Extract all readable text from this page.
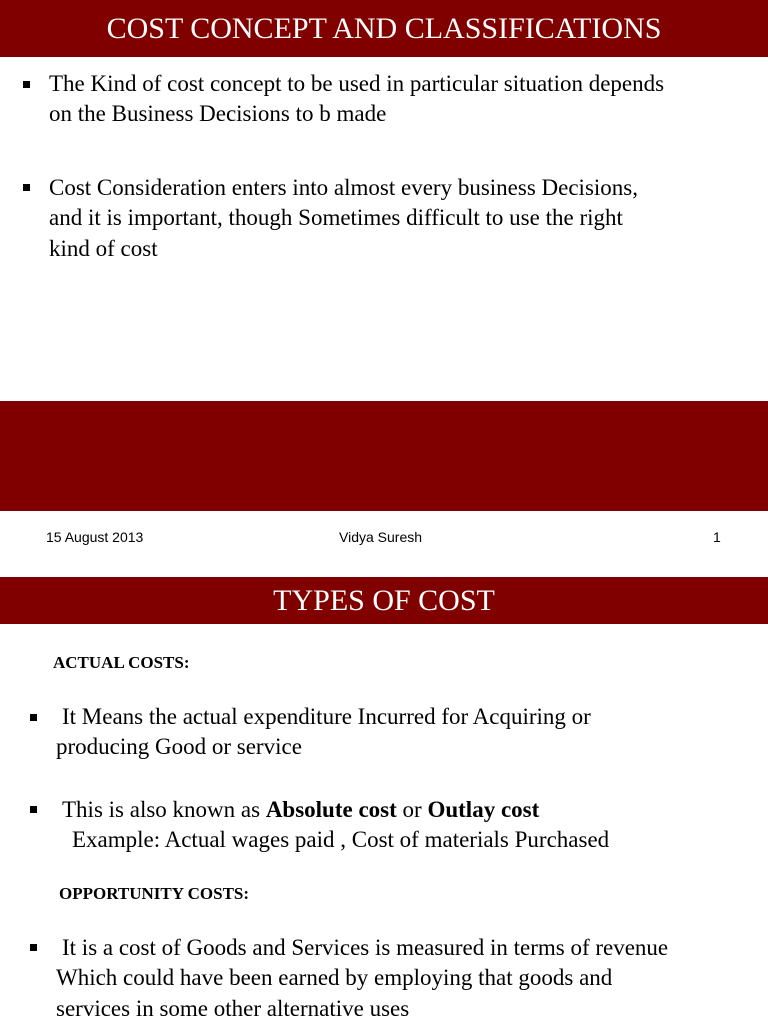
COST CONCEPT AND CLASSIFICATIONS
The Kind of cost concept to be used in particular situation depends
on the Business Decisions to b made
Cost Consideration enters into almost every business Decisions,
and it is important, though Sometimes difficult to use the right
kind of cost
15 August 2013	Vidya Suresh	1
TYPES OF COST
ACTUAL COSTS:
It Means the actual expenditure Incurred for Acquiring or
producing Good or service
This is also known as Absolute cost or Outlay cost
Example: Actual wages paid , Cost of materials Purchased
OPPORTUNITY COSTS:
It is a cost of Goods and Services is measured in terms of revenue
Which could have been earned by employing that goods and
services in some other alternative uses
